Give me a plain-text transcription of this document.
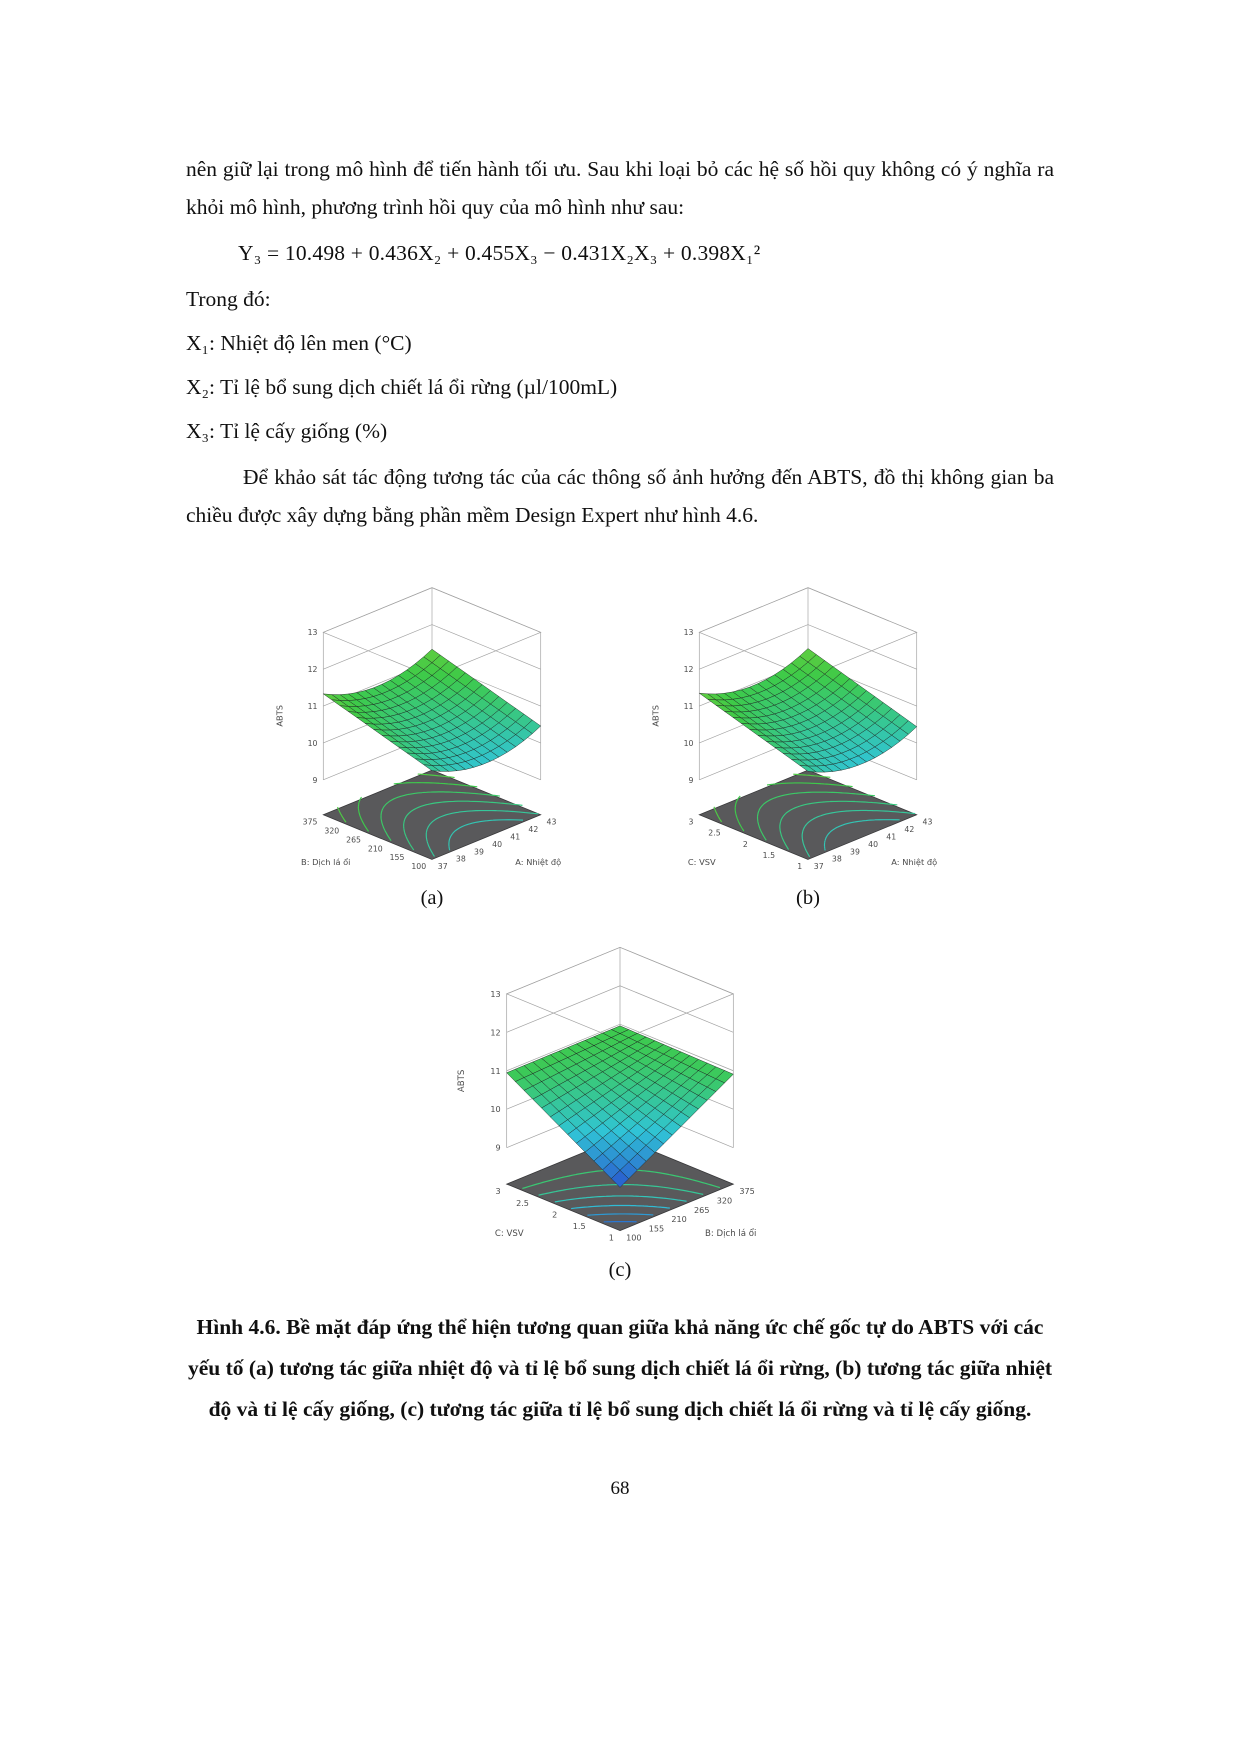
nên giữ lại trong mô hình để tiến hành tối ưu. Sau khi loại bỏ các hệ số hồi quy không có ý nghĩa ra khỏi mô hình, phương trình hồi quy của mô hình như sau:

Y₃ = 10.498 + 0.436X₂ + 0.455X₃ − 0.431X₂X₃ + 0.398X₁²

Trong đó:

X₁: Nhiệt độ lên men (°C)

X₂: Tỉ lệ bổ sung dịch chiết lá ổi rừng (µl/100mL)

X₃: Tỉ lệ cấy giống (%)

Để khảo sát tác động tương tác của các thông số ảnh hưởng đến ABTS, đồ thị không gian ba chiều được xây dựng bằng phần mềm Design Expert như hình 4.6.

37
38
39
40
41
42
43
100
155
210
265
320
375
9
10
11
12
13
A: Nhiệt độ
B: Dịch lá ổi
ABTS
(a)
37
38
39
40
41
42
43
1
1.5
2
2.5
3
9
10
11
12
13
A: Nhiệt độ
C: VSV
ABTS
(b)
100
155
210
265
320
375
1
1.5
2
2.5
3
9
10
11
12
13
B: Dịch lá ổi
C: VSV
ABTS
(c)

Hình 4.6. Bề mặt đáp ứng thể hiện tương quan giữa khả năng ức chế gốc tự do ABTS với các yếu tố (a) tương tác giữa nhiệt độ và tỉ lệ bổ sung dịch chiết lá ổi rừng, (b) tương tác giữa nhiệt độ và tỉ lệ cấy giống, (c) tương tác giữa tỉ lệ bổ sung dịch chiết lá ổi rừng và tỉ lệ cấy giống.

68
